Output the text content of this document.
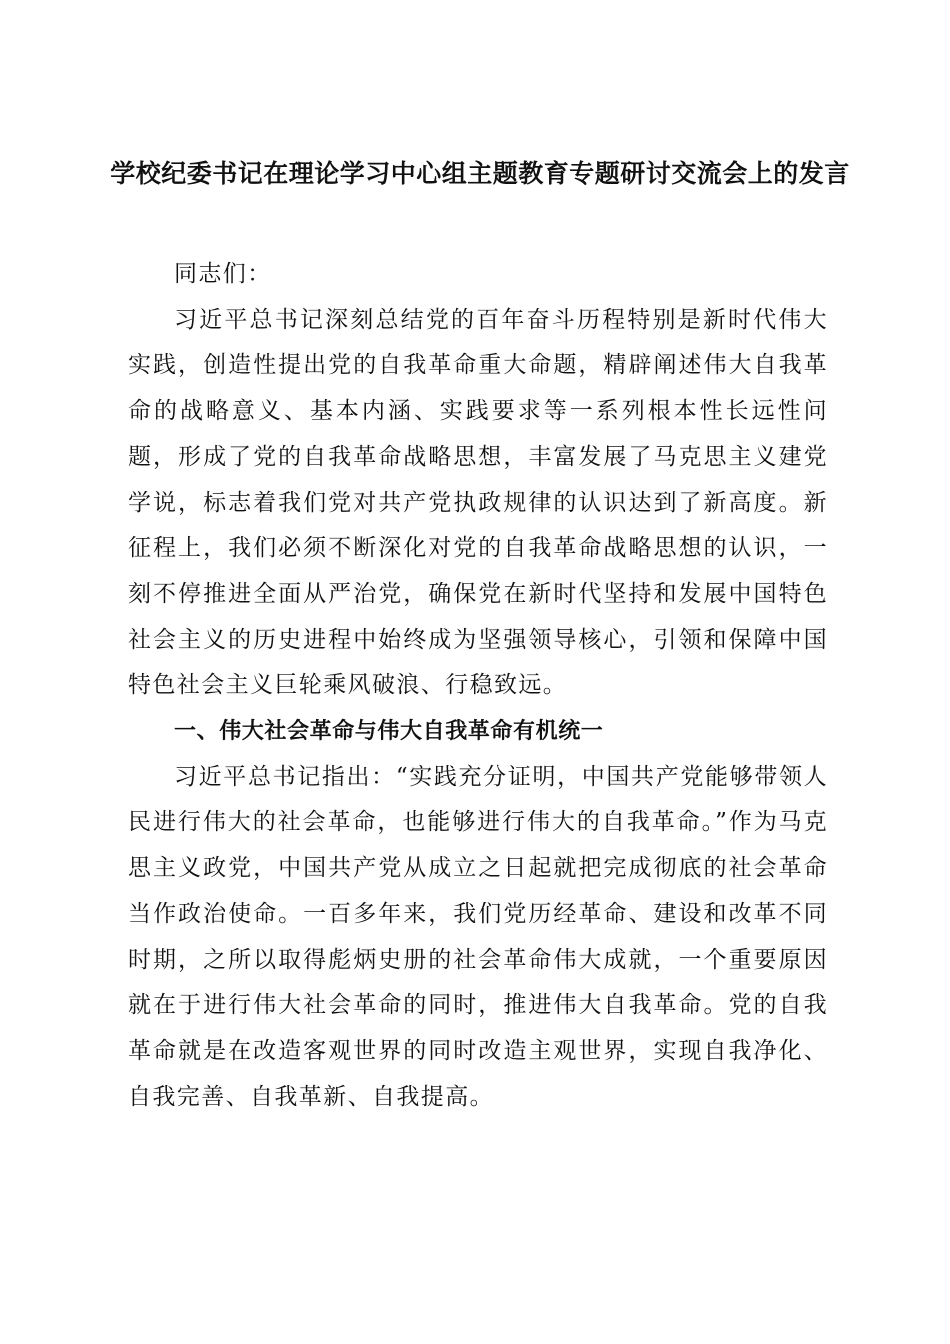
学校纪委书记在理论学习中心组主题教育专题研讨交流会上的发言

同志们：

习近平总书记深刻总结党的百年奋斗历程特别是新时代伟大实践，创造性提出党的自我革命重大命题，精辟阐述伟大自我革命的战略意义、基本内涵、实践要求等一系列根本性长远性问题，形成了党的自我革命战略思想，丰富发展了马克思主义建党学说，标志着我们党对共产党执政规律的认识达到了新高度。新征程上，我们必须不断深化对党的自我革命战略思想的认识，一刻不停推进全面从严治党，确保党在新时代坚持和发展中国特色社会主义的历史进程中始终成为坚强领导核心，引领和保障中国特色社会主义巨轮乘风破浪、行稳致远。

一、伟大社会革命与伟大自我革命有机统一

习近平总书记指出：“实践充分证明，中国共产党能够带领人民进行伟大的社会革命，也能够进行伟大的自我革命。”作为马克思主义政党，中国共产党从成立之日起就把完成彻底的社会革命当作政治使命。一百多年来，我们党历经革命、建设和改革不同时期，之所以取得彪炳史册的社会革命伟大成就，一个重要原因就在于进行伟大社会革命的同时，推进伟大自我革命。党的自我革命就是在改造客观世界的同时改造主观世界，实现自我净化、自我完善、自我革新、自我提高。
